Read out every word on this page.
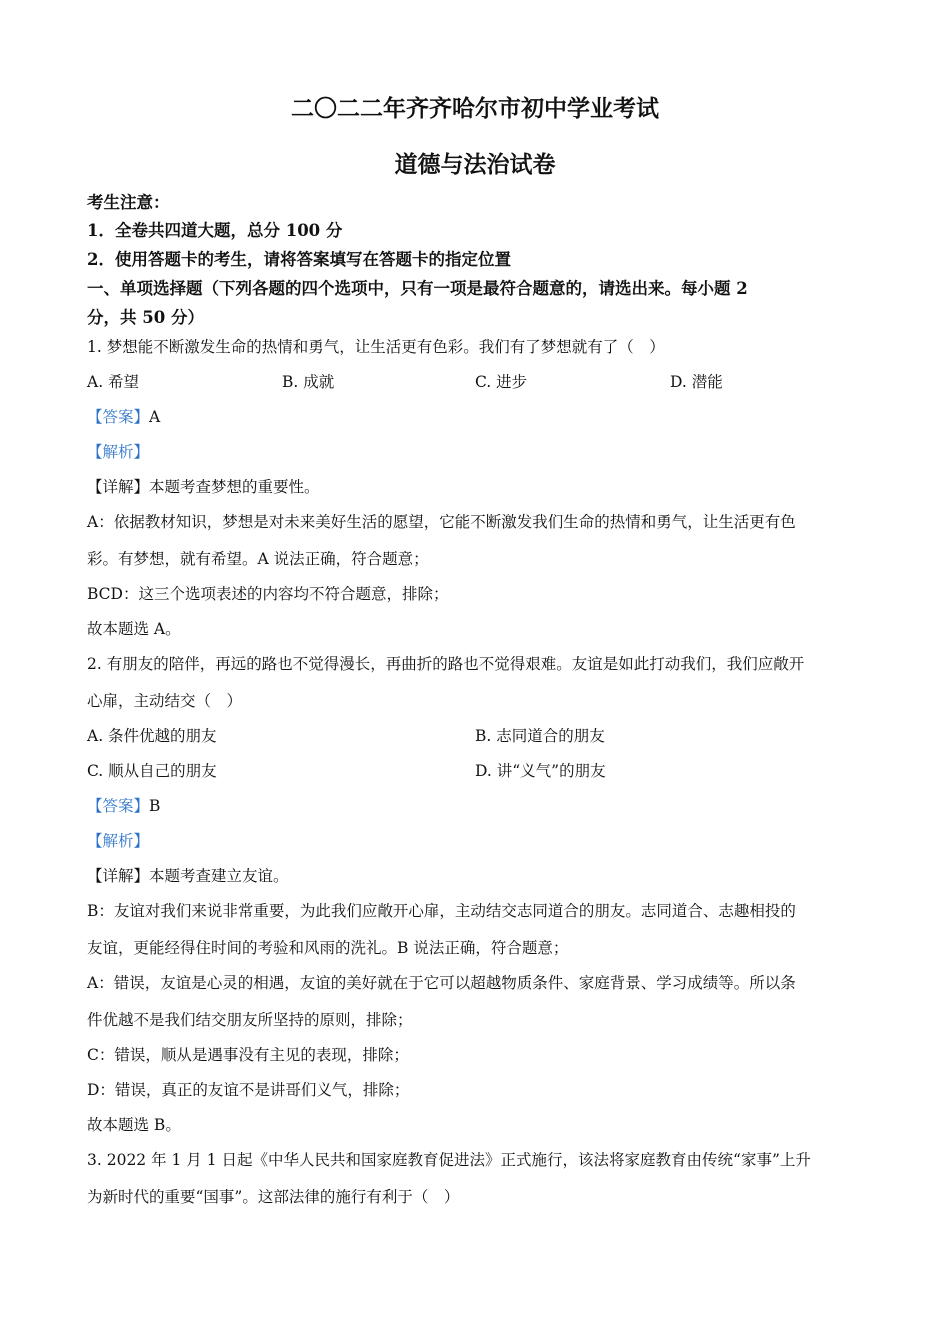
二〇二二年齐齐哈尔市初中学业考试
道德与法治试卷
考生注意：
1．全卷共四道大题，总分 100 分
2．使用答题卡的考生，请将答案填写在答题卡的指定位置
一、单项选择题（下列各题的四个选项中，只有一项是最符合题意的，请选出来。每小题 2
分，共 50 分）
1. 梦想能不断激发生命的热情和勇气，让生活更有色彩。我们有了梦想就有了（　）
A. 希望	B. 成就	C. 进步	D. 潜能
【答案】A
【解析】
【详解】本题考查梦想的重要性。
A：依据教材知识，梦想是对未来美好生活的愿望，它能不断激发我们生命的热情和勇气，让生活更有色
彩。有梦想，就有希望。A 说法正确，符合题意；
BCD：这三个选项表述的内容均不符合题意，排除；
故本题选 A。
2. 有朋友的陪伴，再远的路也不觉得漫长，再曲折的路也不觉得艰难。友谊是如此打动我们，我们应敞开
心扉，主动结交（　）
A. 条件优越的朋友	B. 志同道合的朋友
C. 顺从自己的朋友	D. 讲“义气”的朋友
【答案】B
【解析】
【详解】本题考查建立友谊。
B：友谊对我们来说非常重要，为此我们应敞开心扉，主动结交志同道合的朋友。志同道合、志趣相投的
友谊，更能经得住时间的考验和风雨的洗礼。B 说法正确，符合题意；
A：错误，友谊是心灵的相遇，友谊的美好就在于它可以超越物质条件、家庭背景、学习成绩等。所以条
件优越不是我们结交朋友所坚持的原则，排除；
C：错误，顺从是遇事没有主见的表现，排除；
D：错误，真正的友谊不是讲哥们义气，排除；
故本题选 B。
3. 2022 年 1 月 1 日起《中华人民共和国家庭教育促进法》正式施行，该法将家庭教育由传统“家事”上升
为新时代的重要“国事”。这部法律的施行有利于（　）
